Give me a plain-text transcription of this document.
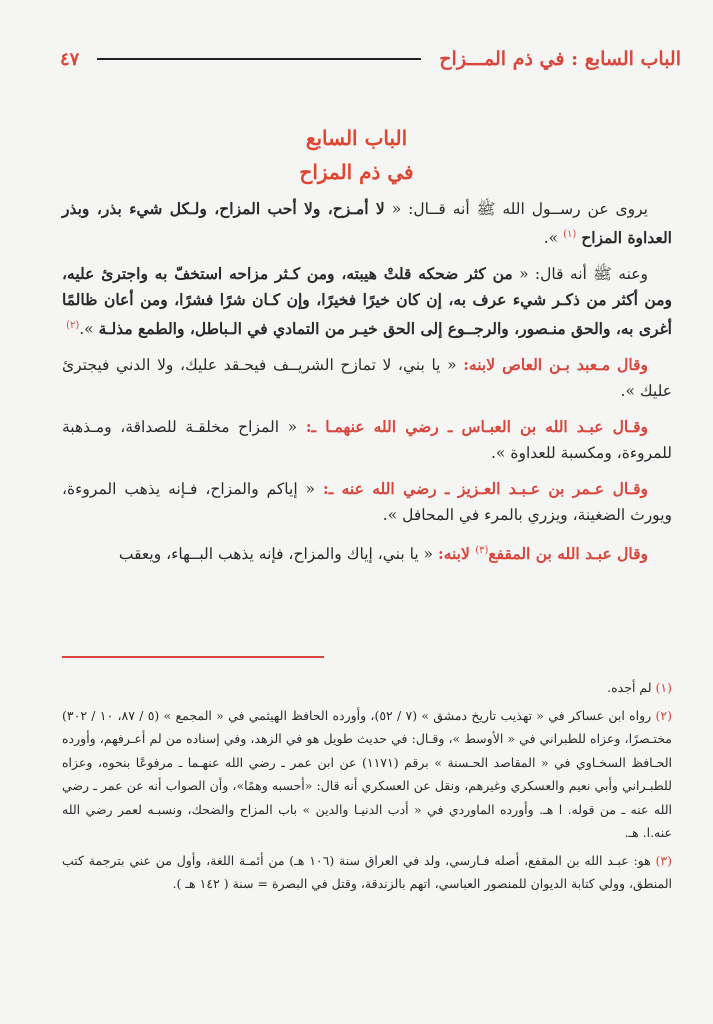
الباب السابع : في ذم المـــزاح
٤٧
الباب السابع
في ذم المزاح

يروى عن رســول الله ﷺ أنه قــال: « لا أمـزح، ولا أحب المزاح، ولـكل شيء بذر، وبذر العداوة المزاح $^{(١)}$ ».

وعنه ﷺ أنه قال: « من كثر ضحكه قلتْ هيبته، ومن كـثر مزاحه استخفّ به واجترئ عليه، ومن أكثر من ذكـر شيء عرف به، إن كان خيرًا فخيرًا، وإن كـان شرًا فشرًا، ومن أعان ظالمًا أغرى به، والحق منـصور، والرجــوع إلى الحق خيـر من التمادي في الـباطل، والطمع مذلـة ».$^{(٢)}$

وقال مـعبد بـن العاص لابنه: « يا بني، لا تمازح الشريــف فيحـقد عليك، ولا الدني فيجترئ عليك ».

وقـال عبـد الله بن العبـاس ـ رضي الله عنهمـا ـ: « المزاح مخلقـة للصداقة، ومـذهبة للمروءة، ومكسبة للعداوة ».

وقـال عـمر بن عـبـد العـزيز ـ رضي الله عنه ـ: « إياكم والمزاح، فـإنه يذهب المروءة، ويورث الضغينة، ويزري بالمرء في المحافل ».

وقال عبـد الله بن المقفع$^{(٣)}$ لابنه: « يا بني، إياك والمزاح، فإنه يذهب البــهاء، ويعقب

(١) لم أجده.

(٢) رواه ابن عساكر في « تهذيب تاريخ دمشق » (٧ / ٥٢)، وأورده الحافظ الهيثمي في « المجمع » (٥ / ٨٧، ١٠ / ٣٠٢) مختـصرًا، وعزاه للطبراني في « الأوسط »، وقـال: في حديث طويل هو في الزهد، وفي إسناده من لم أعـرفهم، وأورده الحـافظ السخـاوي في « المقاصد الحـسنة » برقم (١١٧١) عن ابن عمر ـ رضي الله عنهـما ـ مرفوعًا بنحوه، وعزاه للطبـراني وأبي نعيم والعسكري وغيرهم، ونقل عن العسكري أنه قال: «أحسبه وهمًا»، وأن الصواب أنه عن عمر ـ رضي الله عنه ـ من قوله. ا هـ. وأورده الماوردي في « أدب الدنيـا والدين » باب المزاح والضحك، ونسبـه لعمر رضي الله عنه.ا. هـ.

(٣) هو: عبـد الله بن المقفع، أصله فـارسي، ولد في العراق سنة (١٠٦ هـ) من أئمـة اللغة، وأول من عني بترجمة كتب المنطق، وولي كتابة الديوان للمنصور العباسي، اتهم بالزندقة، وقتل في البصرة = سنة ( ١٤٢ هـ ).
